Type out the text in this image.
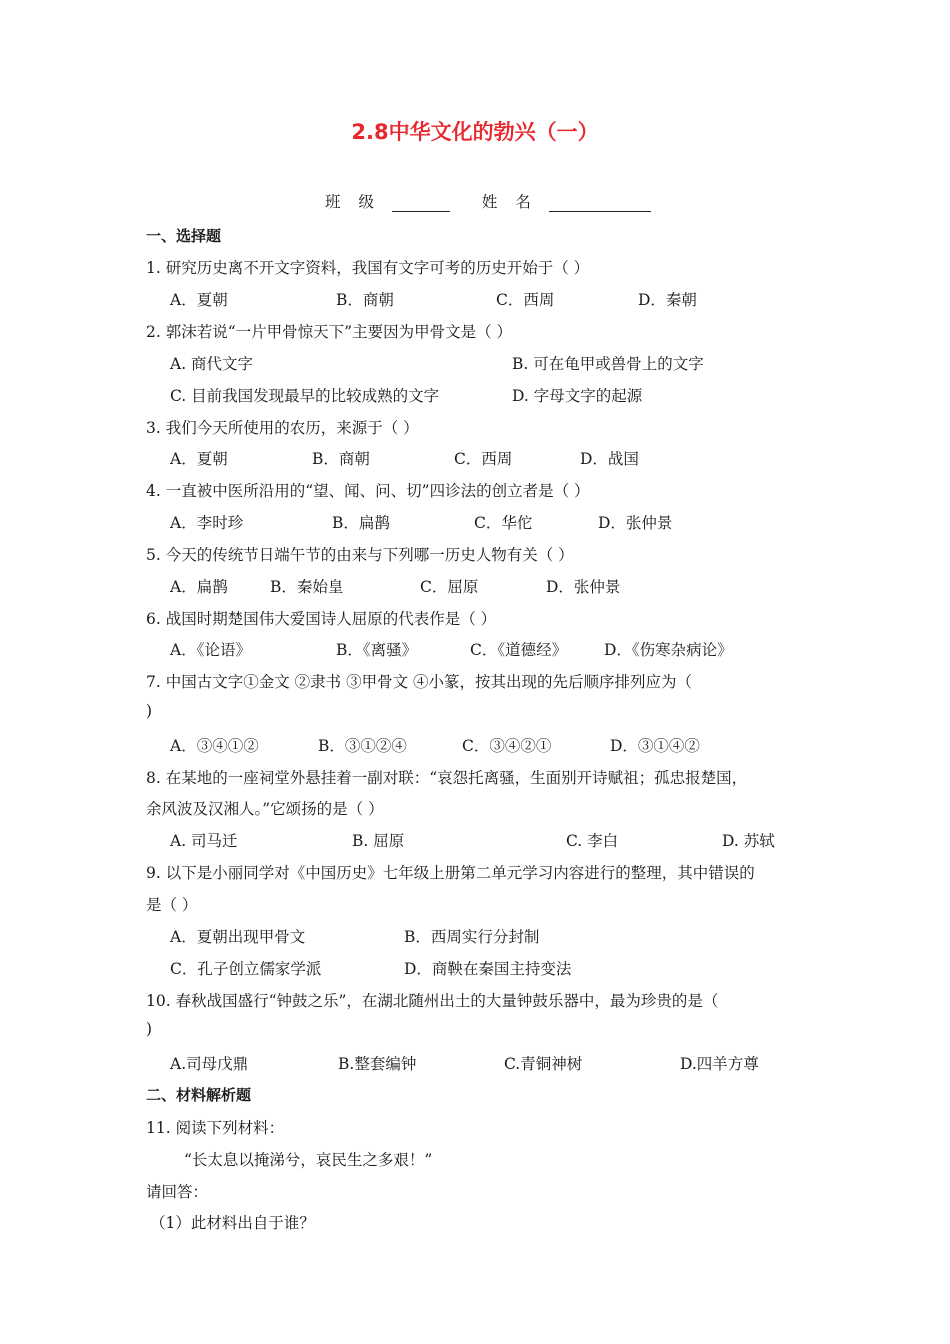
2.8中华文化的勃兴（一）
班级	姓名
一、选择题
1. 研究历史离不开文字资料，我国有文字可考的历史开始于（ ）
A．夏朝	B．商朝	C．西周	D．秦朝
2. 郭沫若说“一片甲骨惊天下”主要因为甲骨文是（ ）
A. 商代文字	B. 可在龟甲或兽骨上的文字
C. 目前我国发现最早的比较成熟的文字	D. 字母文字的起源
3. 我们今天所使用的农历，来源于（ ）
A．夏朝	B．商朝	C．西周	D．战国
4. 一直被中医所沿用的“望、闻、问、切”四诊法的创立者是（ ）
A．李时珍	B．扁鹊	C．华佗	D．张仲景
5. 今天的传统节日端午节的由来与下列哪一历史人物有关（ ）
A．扁鹊	B．秦始皇	C．屈原	D．张仲景
6. 战国时期楚国伟大爱国诗人屈原的代表作是（ ）
A．《论语》	B．《离骚》	C．《道德经》 D．《伤寒杂病论》
7. 中国古文字①金文 ②隶书 ③甲骨文 ④小篆，按其出现的先后顺序排列应为（
)
A．③④①②	B．③①②④	C．③④②①	D．③①④②
8. 在某地的一座祠堂外悬挂着一副对联：“哀怨托离骚，生面别开诗赋祖；孤忠报楚国，
余风波及汉湘人。”它颂扬的是（ ）
A. 司马迁	B. 屈原	C. 李白	D. 苏轼
9. 以下是小丽同学对《中国历史》七年级上册第二单元学习内容进行的整理，其中错误的
是（ ）
A．夏朝出现甲骨文	B．西周实行分封制
C．孔子创立儒家学派	D．商鞅在秦国主持变法
10. 春秋战国盛行“钟鼓之乐”，在湖北随州出土的大量钟鼓乐器中，最为珍贵的是（
)
A.司母戊鼎	B.整套编钟	C.青铜神树	D.四羊方尊
二、材料解析题
11. 阅读下列材料：
“长太息以掩涕兮，哀民生之多艰！”
请回答：
（1）此材料出自于谁？
